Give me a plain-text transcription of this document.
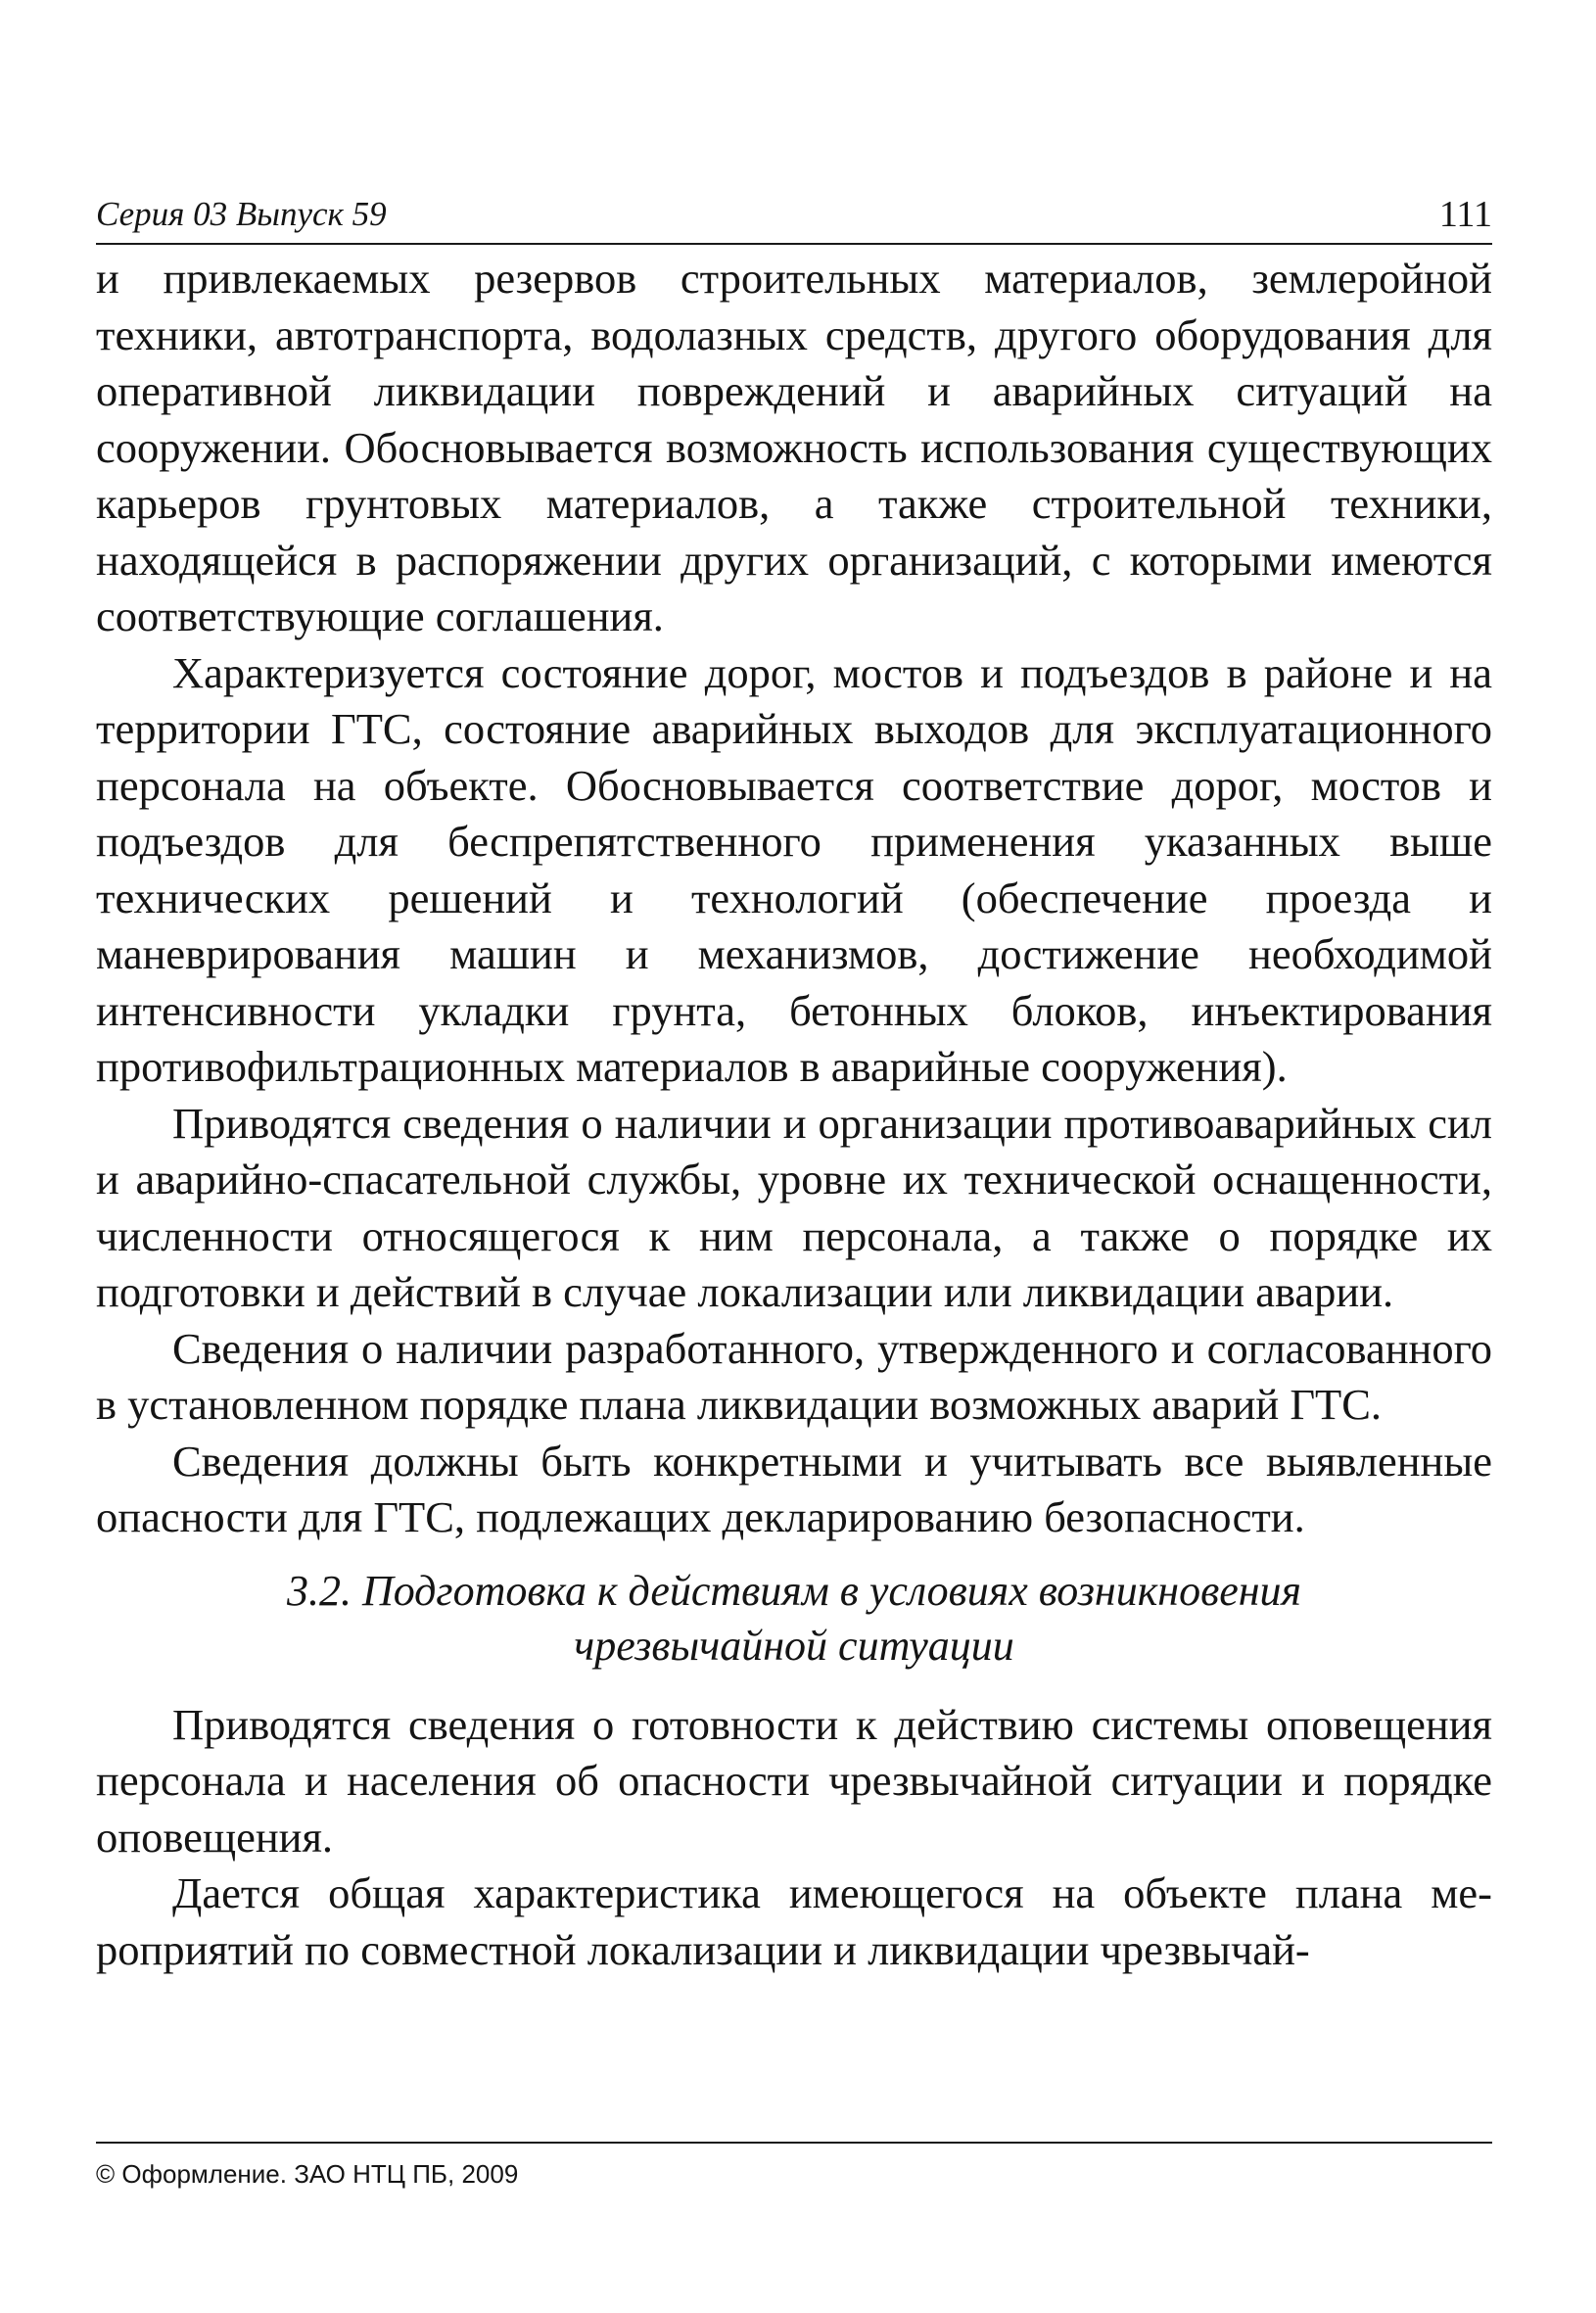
Серия 03 Выпуск 59	111

и привлекаемых резервов строительных материалов, землеройной техники, автотранспорта, водолазных средств, другого оборудования для оперативной ликвидации повреждений и аварийных ситуаций на сооружении. Обосновывается возможность использования существующих карьеров грунтовых материалов, а также строительной техники, находящейся в распоряжении других организаций, с которыми имеются соответствующие соглашения.

Характеризуется состояние дорог, мостов и подъездов в районе и на территории ГТС, состояние аварийных выходов для эксплуатационного персонала на объекте. Обосновывается соответствие дорог, мостов и подъездов для беспрепятственного применения указанных выше технических решений и технологий (обеспечение проезда и маневрирования машин и механизмов, достижение необходимой интенсивности укладки грунта, бетонных блоков, инъектирования противофильтрационных материалов в аварийные сооружения).

Приводятся сведения о наличии и организации противоаварийных сил и аварийно-спасательной службы, уровне их технической оснащенности, численности относящегося к ним персонала, а также о порядке их подготовки и действий в случае локализации или ликвидации аварии.

Сведения о наличии разработанного, утвержденного и согласованного в установленном порядке плана ликвидации возможных аварий ГТС.

Сведения должны быть конкретными и учитывать все выявленные опасности для ГТС, подлежащих декларированию безопасности.

3.2. Подготовка к действиям в условиях возникновения
чрезвычайной ситуации

Приводятся сведения о готовности к действию системы оповещения персонала и населения об опасности чрезвычайной ситуации и порядке оповещения.

Дается общая характеристика имеющегося на объекте плана мероприятий по совместной локализации и ликвидации чрезвычай-

© Оформление. ЗАО НТЦ ПБ, 2009
